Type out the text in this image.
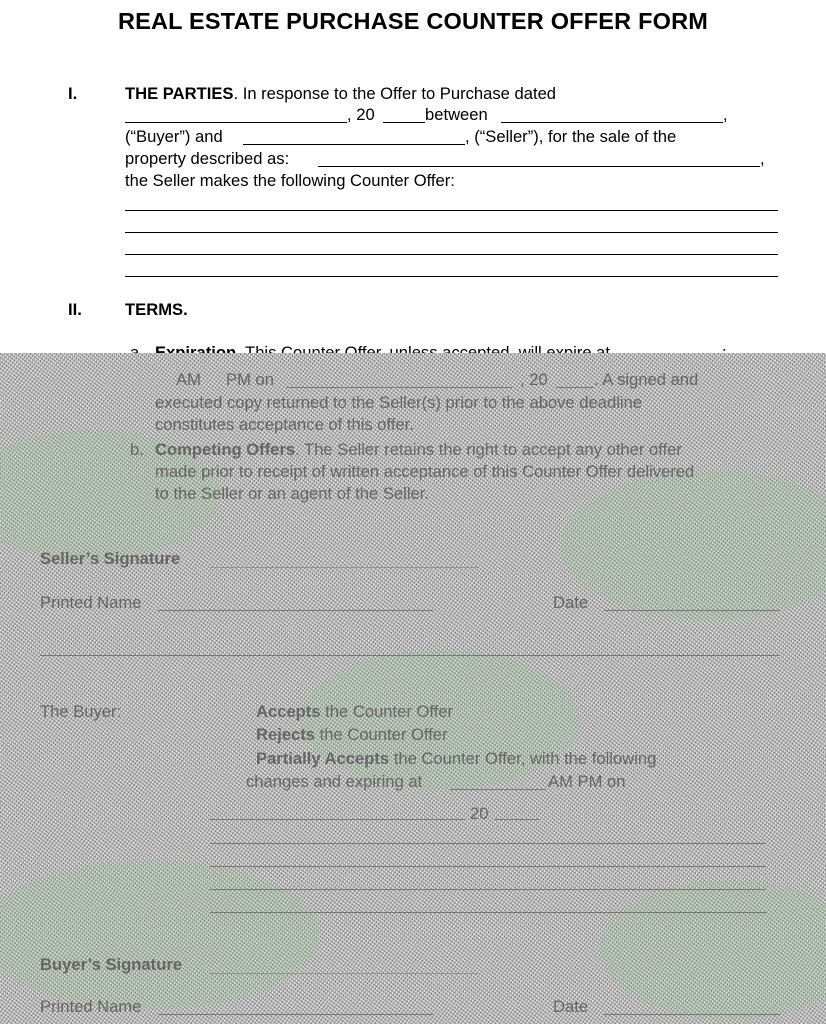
REAL ESTATE PURCHASE COUNTER OFFER FORM
I.	THE PARTIES. In response to the Offer to Purchase dated
, 20	between	,
(“Buyer”) and	, (“Seller”), for the sale of the
property described as:	,
the Seller makes the following Counter Offer:
II.	TERMS.
AM PM on	, 20	. A signed and
executed copy returned to the Seller(s) prior to the above deadline
constitutes acceptance of this offer.
b. Competing Offers. The Seller retains the right to accept any other offer
made prior to receipt of written acceptance of this Counter Offer delivered
to the Seller or an agent of the Seller.
Seller’s Signature
Printed Name	Date
The Buyer:	Accepts the Counter Offer
Rejects the Counter Offer
Partially Accepts the Counter Offer, with the following
changes and expiring at	AM PM on
20
Buyer’s Signature
Printed Name	Date
